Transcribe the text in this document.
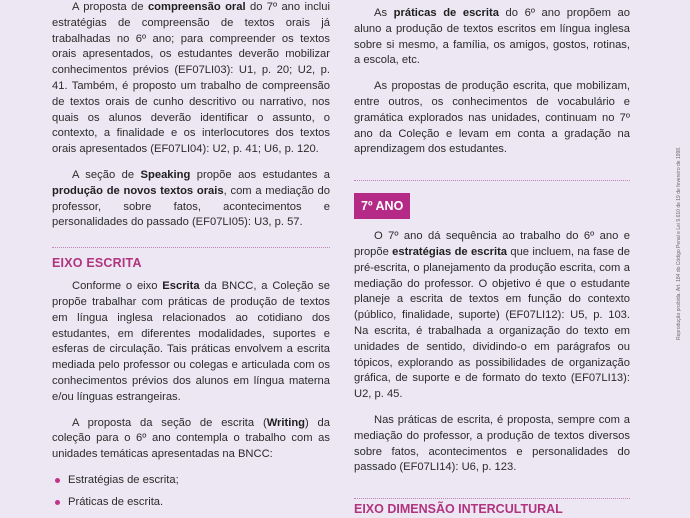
A proposta de compreensão oral do 7º ano inclui estratégias de compreensão de textos orais já trabalhadas no 6º ano; para compreender os textos orais apresentados, os estudantes deverão mobilizar conhecimentos prévios (EF07LI03): U1, p. 20; U2, p. 41. Também, é proposto um trabalho de compreensão de textos orais de cunho descritivo ou narrativo, nos quais os alunos deverão identificar o assunto, o contexto, a finalidade e os interlocutores dos textos orais apresentados (EF07LI04): U2, p. 41; U6, p. 120.

A seção de Speaking propõe aos estudantes a produção de novos textos orais, com a mediação do professor, sobre fatos, acontecimentos e personalidades do passado (EF07LI05): U3, p. 57.

EIXO ESCRITA

Conforme o eixo Escrita da BNCC, a Coleção se propõe trabalhar com práticas de produção de textos em língua inglesa relacionados ao cotidiano dos estudantes, em diferentes modalidades, suportes e esferas de circulação. Tais práticas envolvem a escrita mediada pelo professor ou colegas e articulada com os conhecimentos prévios dos alunos em língua materna e/ou línguas estrangeiras.

A proposta da seção de escrita (Writing) da coleção para o 6º ano contempla o trabalho com as unidades temáticas apresentadas na BNCC:

Estratégias de escrita;
Práticas de escrita.

As práticas de escrita do 6º ano propõem ao aluno a produção de textos escritos em língua inglesa sobre si mesmo, a família, os amigos, gostos, rotinas, a escola, etc.

As propostas de produção escrita, que mobilizam, entre outros, os conhecimentos de vocabulário e gramática explorados nas unidades, continuam no 7º ano da Coleção e levam em conta a gradação na aprendizagem dos estudantes.

7º ANO

O 7º ano dá sequência ao trabalho do 6º ano e propõe estratégias de escrita que incluem, na fase de pré-escrita, o planejamento da produção escrita, com a mediação do professor. O objetivo é que o estudante planeje a escrita de textos em função do contexto (público, finalidade, suporte) (EF07LI12): U5, p. 103. Na escrita, é trabalhada a organização do texto em unidades de sentido, dividindo-o em parágrafos ou tópicos, explorando as possibilidades de organização gráfica, de suporte e de formato do texto (EF07LI13): U2, p. 45.

Nas práticas de escrita, é proposta, sempre com a mediação do professor, a produção de textos diversos sobre fatos, acontecimentos e personalidades do passado (EF07LI14): U6, p. 123.

EIXO DIMENSÃO INTERCULTURAL
Reprodução proibida. Art. 184 do Código Penal e Lei 9.610 de 19 de fevereiro de 1998.
